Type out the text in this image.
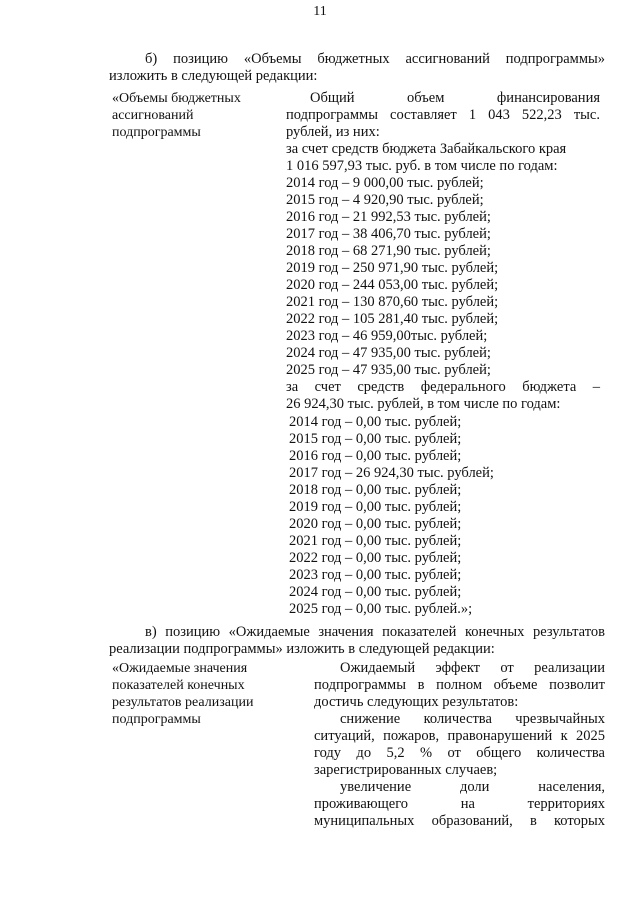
11
б) позицию «Объемы бюджетных ассигнований подпрограммы»
изложить в следующей редакции:
«Объемы бюджетных
ассигнований
подпрограммы
Общий объем финансирования
подпрограммы составляет 1 043 522,23 тыс.
рублей, из них:
за счет средств бюджета Забайкальского края
1 016 597,93 тыс. руб. в том числе по годам:
2014 год – 9 000,00 тыс. рублей;
2015 год – 4 920,90 тыс. рублей;
2016 год – 21 992,53 тыс. рублей;
2017 год – 38 406,70 тыс. рублей;
2018 год – 68 271,90 тыс. рублей;
2019 год – 250 971,90 тыс. рублей;
2020 год – 244 053,00 тыс. рублей;
2021 год – 130 870,60 тыс. рублей;
2022 год – 105 281,40 тыс. рублей;
2023 год – 46 959,00тыс. рублей;
2024 год – 47 935,00 тыс. рублей;
2025 год – 47 935,00 тыс. рублей;
за счет средств федерального бюджета –
26 924,30 тыс. рублей, в том числе по годам:
2014 год – 0,00 тыс. рублей;
2015 год – 0,00 тыс. рублей;
2016 год – 0,00 тыс. рублей;
2017 год – 26 924,30 тыс. рублей;
2018 год – 0,00 тыс. рублей;
2019 год – 0,00 тыс. рублей;
2020 год – 0,00 тыс. рублей;
2021 год – 0,00 тыс. рублей;
2022 год – 0,00 тыс. рублей;
2023 год – 0,00 тыс. рублей;
2024 год – 0,00 тыс. рублей;
2025 год – 0,00 тыс. рублей.»;
в) позицию «Ожидаемые значения показателей конечных результатов
реализации подпрограммы» изложить в следующей редакции:
«Ожидаемые значения
показателей конечных
результатов реализации
подпрограммы
Ожидаемый эффект от реализации
подпрограммы в полном объеме позволит
достичь следующих результатов:
снижение количества чрезвычайных
ситуаций, пожаров, правонарушений к 2025
году до 5,2 % от общего количества
зарегистрированных случаев;
увеличение доли населения,
проживающего на территориях
муниципальных образований, в которых
